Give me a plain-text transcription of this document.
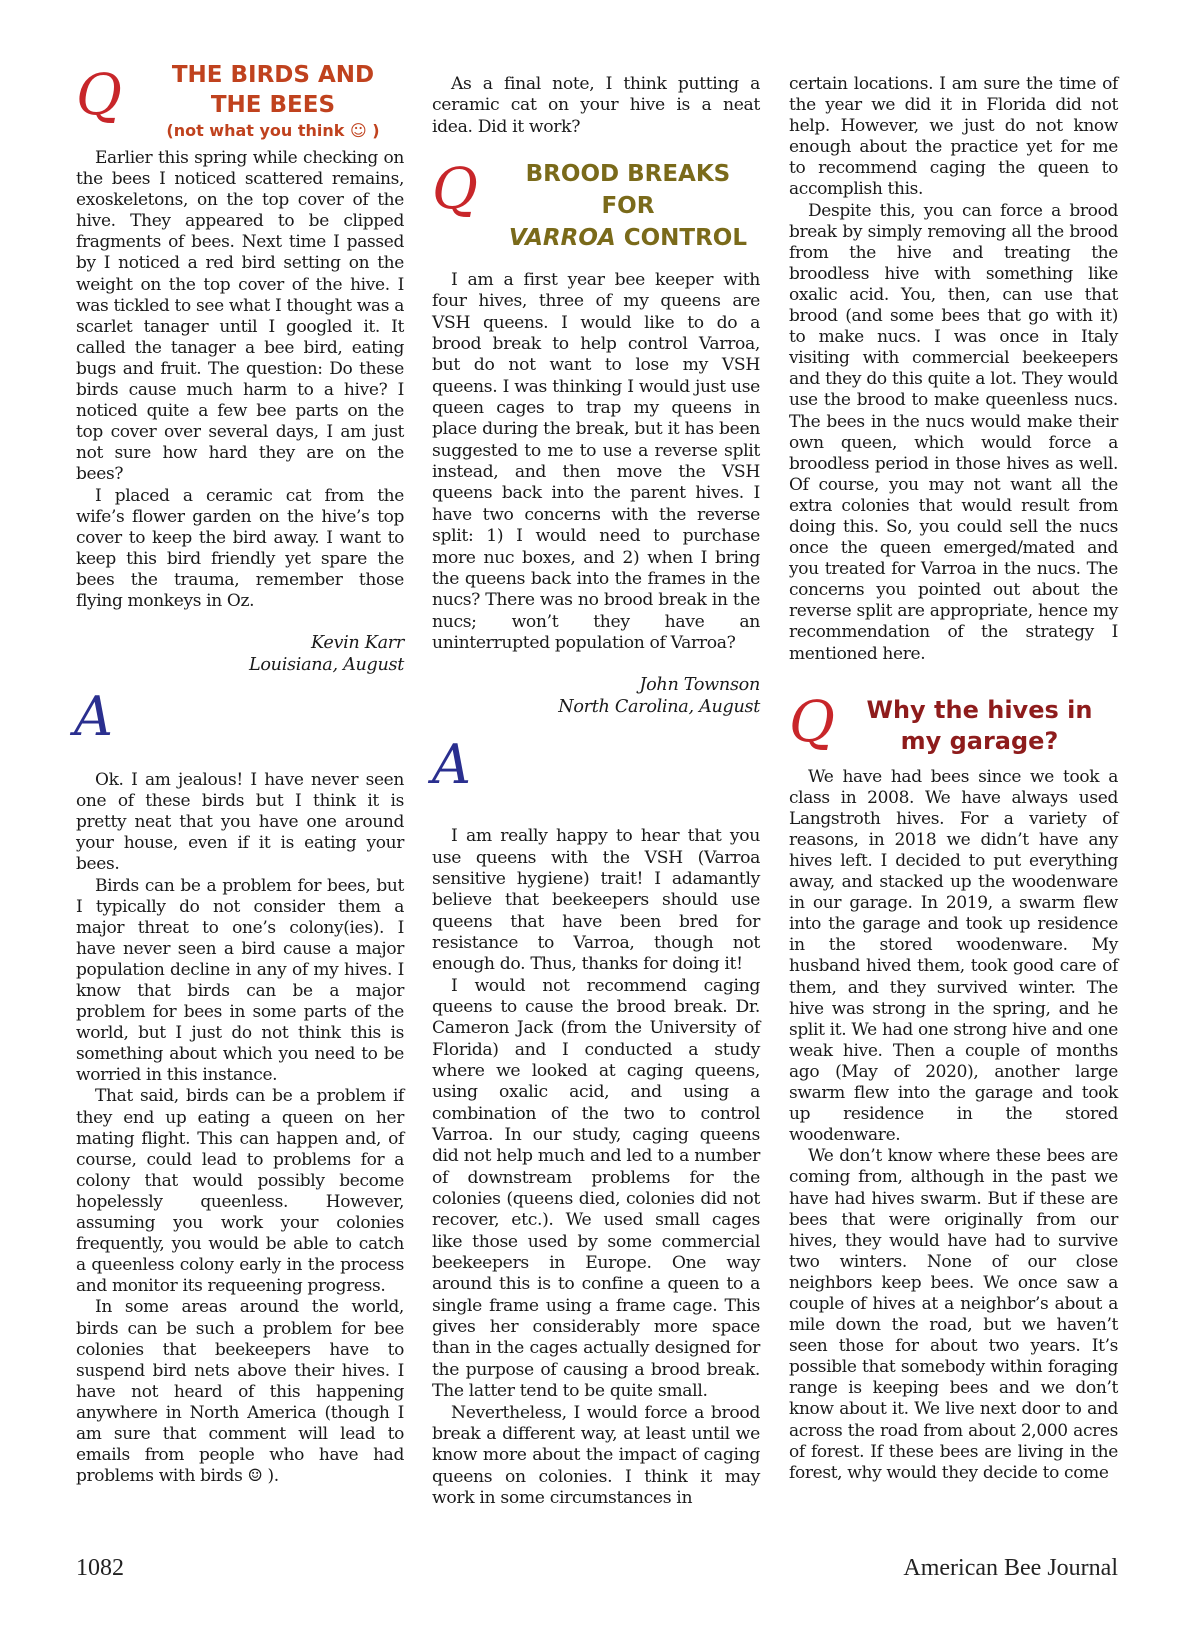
Q	THE BIRDS AND
THE BEES
(not what you think ☺ )

Earlier this spring while checking on the bees I noticed scattered remains, exoskeletons, on the top cover of the hive. They appeared to be clipped fragments of bees. Next time I passed by I noticed a red bird setting on the weight on the top cover of the hive. I was tickled to see what I thought was a scarlet tanager until I googled it. It called the tanager a bee bird, eating bugs and fruit. The question: Do these birds cause much harm to a hive? I noticed quite a few bee parts on the top cover over several days, I am just not sure how hard they are on the bees?

I placed a ceramic cat from the wife’s flower garden on the hive’s top cover to keep the bird away. I want to keep this bird friendly yet spare the bees the trauma, remember those flying monkeys in Oz.

Kevin Karr

Louisiana, August

A

Ok. I am jealous! I have never seen one of these birds but I think it is pretty neat that you have one around your house, even if it is eating your bees.

Birds can be a problem for bees, but I typically do not consider them a major threat to one’s colony(ies). I have never seen a bird cause a major population decline in any of my hives. I know that birds can be a major problem for bees in some parts of the world, but I just do not think this is something about which you need to be worried in this instance.

That said, birds can be a problem if they end up eating a queen on her mating flight. This can happen and, of course, could lead to problems for a colony that would possibly become hopelessly queenless. However, assuming you work your colonies frequently, you would be able to catch a queenless colony early in the process and monitor its requeening progress.

In some areas around the world, birds can be such a problem for bee colonies that beekeepers have to suspend bird nets above their hives. I have not heard of this happening anywhere in North America (though I am sure that comment will lead to emails from people who have had problems with birds ☺ ).

As a final note, I think putting a ceramic cat on your hive is a neat idea. Did it work?

Q	BROOD BREAKS FOR
VARROA CONTROL

I am a first year bee keeper with four hives, three of my queens are VSH queens. I would like to do a brood break to help control Varroa, but do not want to lose my VSH queens. I was thinking I would just use queen cages to trap my queens in place during the break, but it has been suggested to me to use a reverse split instead, and then move the VSH queens back into the parent hives. I have two concerns with the reverse split: 1) I would need to purchase more nuc boxes, and 2) when I bring the queens back into the frames in the nucs? There was no brood break in the nucs; won’t they have an uninterrupted population of Varroa?

John Townson

North Carolina, August

A

I am really happy to hear that you use queens with the VSH (Varroa sensitive hygiene) trait! I adamantly believe that beekeepers should use queens that have been bred for resistance to Varroa, though not enough do. Thus, thanks for doing it!

I would not recommend caging queens to cause the brood break. Dr. Cameron Jack (from the University of Florida) and I conducted a study where we looked at caging queens, using oxalic acid, and using a combination of the two to control Varroa. In our study, caging queens did not help much and led to a number of downstream problems for the colonies (queens died, colonies did not recover, etc.). We used small cages like those used by some commercial beekeepers in Europe. One way around this is to confine a queen to a single frame using a frame cage. This gives her considerably more space than in the cages actually designed for the purpose of causing a brood break. The latter tend to be quite small.

Nevertheless, I would force a brood break a different way, at least until we know more about the impact of caging queens on colonies. I think it may work in some circumstances in

certain locations. I am sure the time of the year we did it in Florida did not help. However, we just do not know enough about the practice yet for me to recommend caging the queen to accomplish this.

Despite this, you can force a brood break by simply removing all the brood from the hive and treating the broodless hive with something like oxalic acid. You, then, can use that brood (and some bees that go with it) to make nucs. I was once in Italy visiting with commercial beekeepers and they do this quite a lot. They would use the brood to make queenless nucs. The bees in the nucs would make their own queen, which would force a broodless period in those hives as well. Of course, you may not want all the extra colonies that would result from doing this. So, you could sell the nucs once the queen emerged/mated and you treated for Varroa in the nucs. The concerns you pointed out about the reverse split are appropriate, hence my recommendation of the strategy I mentioned here.

Q	Why the hives in
my garage?

We have had bees since we took a class in 2008. We have always used Langstroth hives. For a variety of reasons, in 2018 we didn’t have any hives left. I decided to put everything away, and stacked up the woodenware in our garage. In 2019, a swarm flew into the garage and took up residence in the stored woodenware. My husband hived them, took good care of them, and they survived winter. The hive was strong in the spring, and he split it. We had one strong hive and one weak hive. Then a couple of months ago (May of 2020), another large swarm flew into the garage and took up residence in the stored woodenware.

We don’t know where these bees are coming from, although in the past we have had hives swarm. But if these are bees that were originally from our hives, they would have had to survive two winters. None of our close neighbors keep bees. We once saw a couple of hives at a neighbor’s about a mile down the road, but we haven’t seen those for about two years. It’s possible that somebody within foraging range is keeping bees and we don’t know about it. We live next door to and across the road from about 2,000 acres of forest. If these bees are living in the forest, why would they decide to come

1082	American Bee Journal
